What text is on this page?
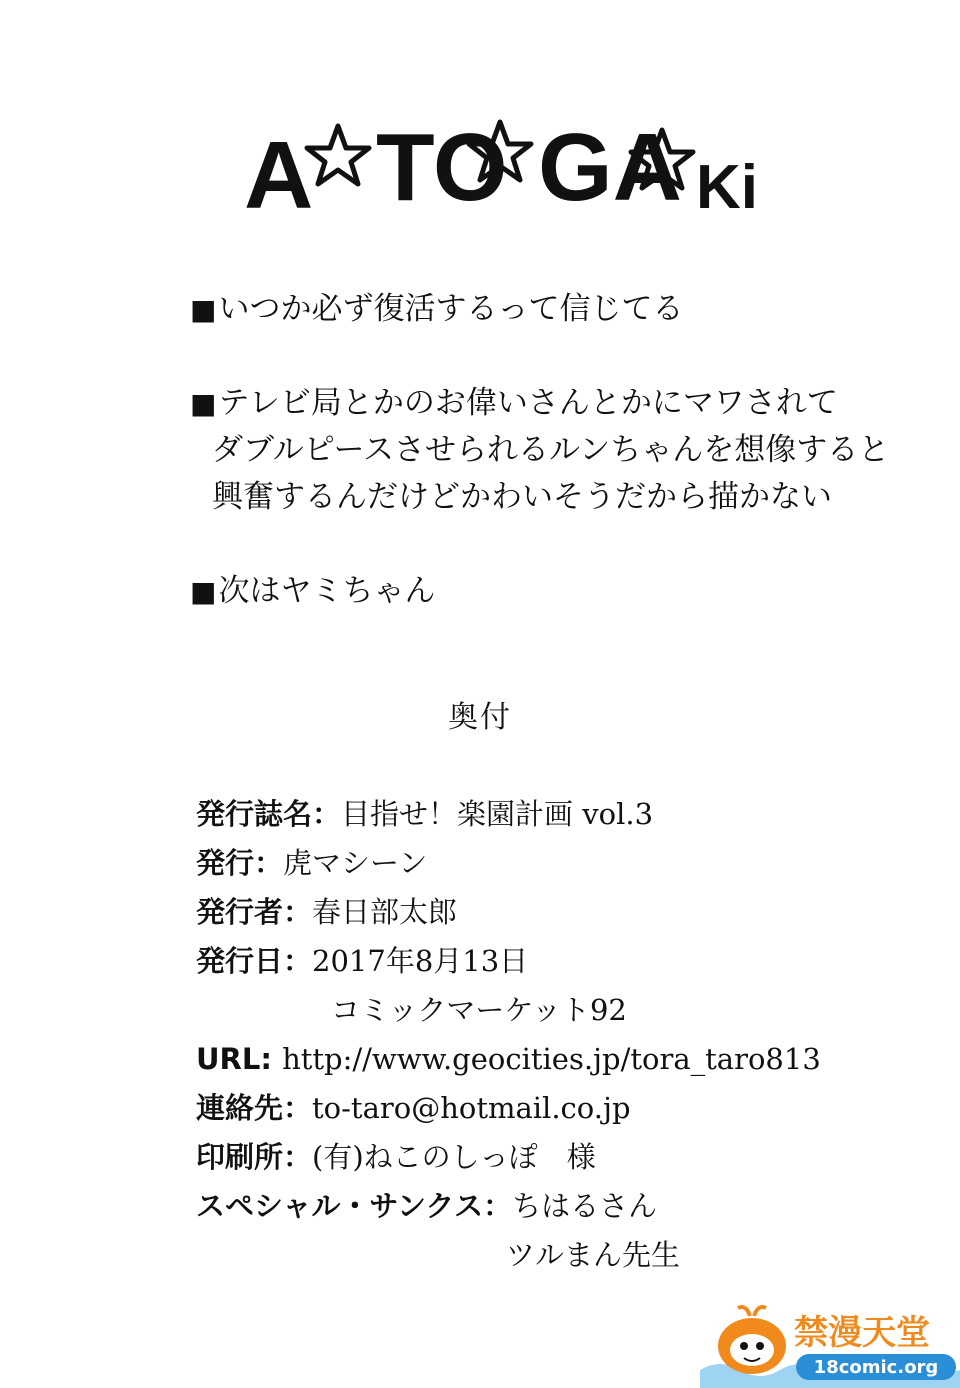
A TO GA Ki
■いつか必ず復活するって信じてる
■テレビ局とかのお偉いさんとかにマワされて
ダブルピースさせられるルンちゃんを想像すると
興奮するんだけどかわいそうだから描かない
■次はヤミちゃん
奥付
発行誌名：目指せ！楽園計画 vol.3
発行：虎マシーン
発行者：春日部太郎
発行日：2017年8月13日
コミックマーケット92
URL: http://www.geocities.jp/tora_taro813
連絡先：to-taro@hotmail.co.jp
印刷所：(有)ねこのしっぽ　様
スペシャル・サンクス：ちはるさん
ツルまん先生
禁漫天堂
18comic.org
